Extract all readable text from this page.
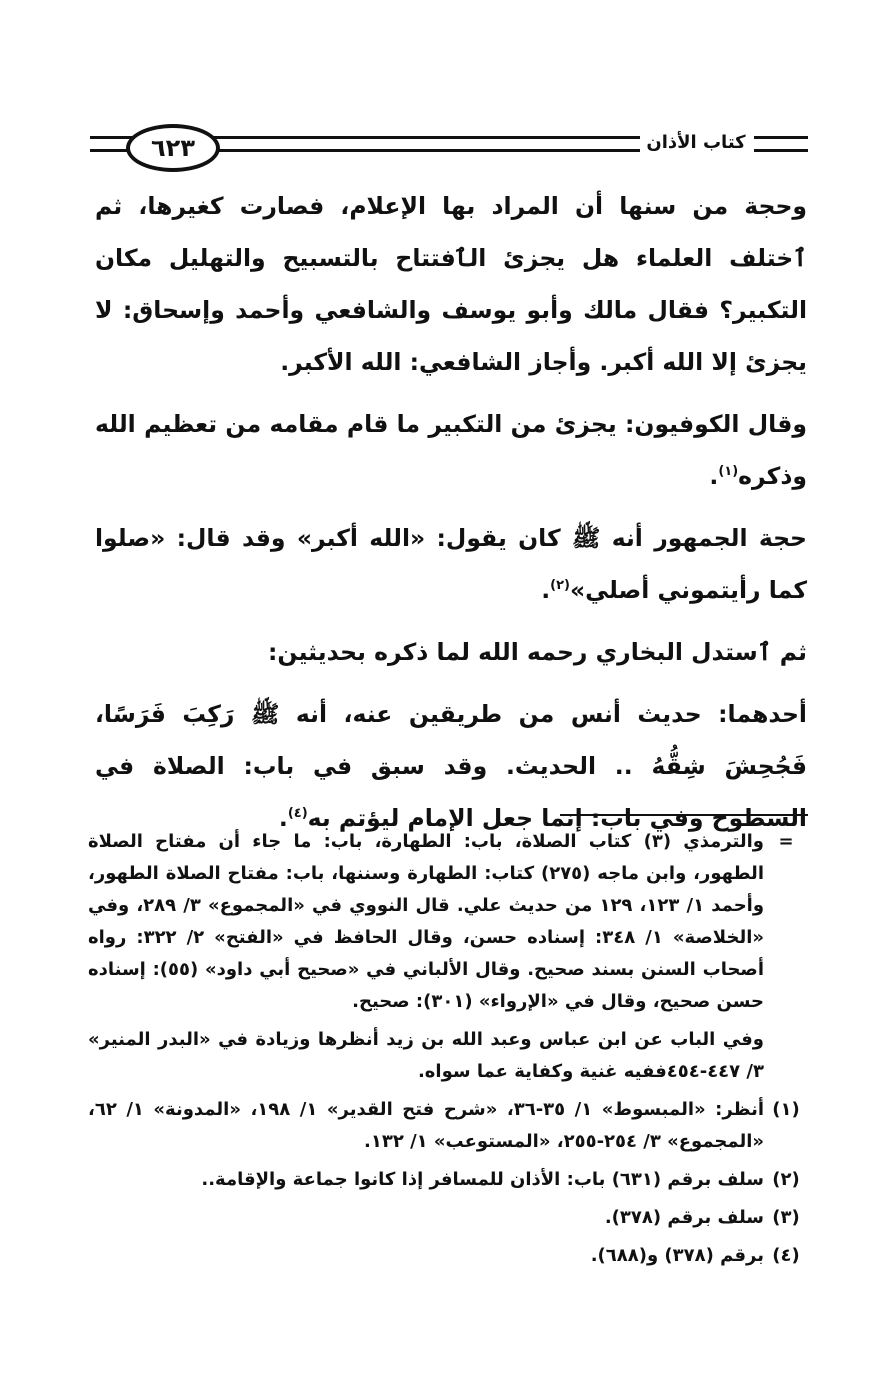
٦٢٣	كتاب الأذان

وحجة من سنها أن المراد بها الإعلام، فصارت كغيرها، ثم ٱختلف العلماء هل يجزئ الٱفتتاح بالتسبيح والتهليل مكان التكبير؟ فقال مالك وأبو يوسف والشافعي وأحمد وإسحاق: لا يجزئ إلا الله أكبر. وأجاز الشافعي: الله الأكبر.

وقال الكوفيون: يجزئ من التكبير ما قام مقامه من تعظيم الله وذكره$^{(١)}$.

حجة الجمهور أنه ﷺ كان يقول: «الله أكبر» وقد قال: «صلوا كما رأيتموني أصلي»$^{(٢)}$.

ثم ٱستدل البخاري رحمه الله لما ذكره بحديثين:

أحدهما: حديث أنس من طريقين عنه، أنه ﷺ رَكِبَ فَرَسًا، فَجُحِشَ شِقُّهُ .. الحديث. وقد سبق في باب: الصلاة في السطوح وفي باب: إنما جعل الإمام ليؤتم به$^{(٤)}$.

=
والترمذي (٣) كتاب الصلاة، باب: الطهارة، باب: ما جاء أن مفتاح الصلاة الطهور، وابن ماجه (٢٧٥) كتاب: الطهارة وسننها، باب: مفتاح الصلاة الطهور، وأحمد ١/ ١٢٣، ١٢٩ من حديث علي. قال النووي في «المجموع» ٣/ ٢٨٩، وفي «الخلاصة» ١/ ٣٤٨: إسناده حسن، وقال الحافظ في «الفتح» ٢/ ٣٢٢: رواه أصحاب السنن بسند صحيح. وقال الألباني في «صحيح أبي داود» (٥٥): إسناده حسن صحيح، وقال في «الإرواء» (٣٠١): صحيح.
وفي الباب عن ابن عباس وعبد الله بن زيد أنظرها وزيادة في «البدر المنير» ٣/ ٤٤٧-٤٥٤ففيه غنية وكفاية عما سواه.
(١)
أنظر: «المبسوط» ١/ ٣٥-٣٦، «شرح فتح القدير» ١/ ١٩٨، «المدونة» ١/ ٦٢، «المجموع» ٣/ ٢٥٤-٢٥٥، «المستوعب» ١/ ١٣٢.
(٢)
سلف برقم (٦٣١) باب: الأذان للمسافر إذا كانوا جماعة والإقامة..
(٣)
سلف برقم (٣٧٨).
(٤)
برقم (٣٧٨) و(٦٨٨).
